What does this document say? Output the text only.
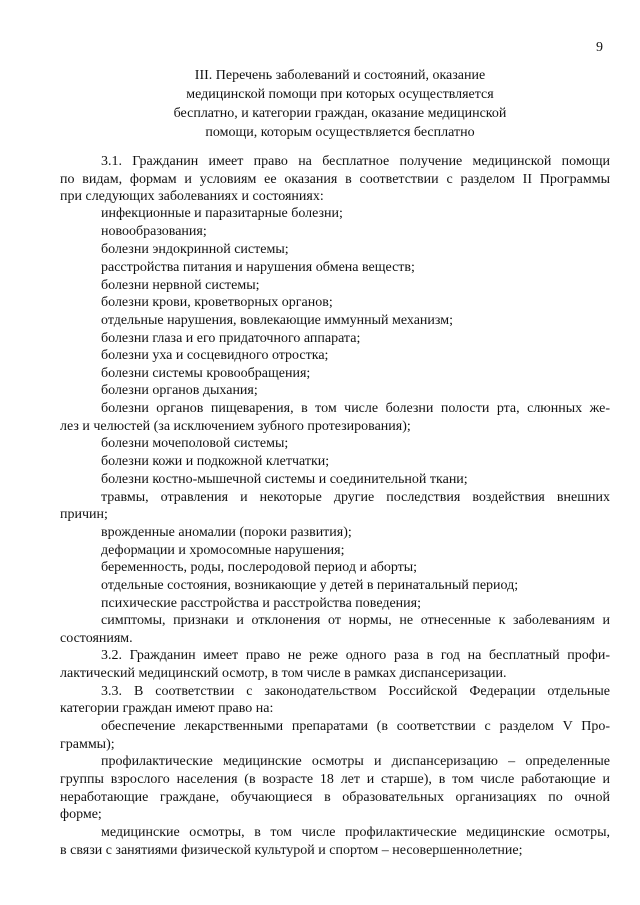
9
III. Перечень заболеваний и состояний, оказание
медицинской помощи при которых осуществляется
бесплатно, и категории граждан, оказание медицинской
помощи, которым осуществляется бесплатно
3.1. Гражданин имеет право на бесплатное получение медицинской помощи
по видам, формам и условиям ее оказания в соответствии с разделом II Программы
при следующих заболеваниях и состояниях:
инфекционные и паразитарные болезни;
новообразования;
болезни эндокринной системы;
расстройства питания и нарушения обмена веществ;
болезни нервной системы;
болезни крови, кроветворных органов;
отдельные нарушения, вовлекающие иммунный механизм;
болезни глаза и его придаточного аппарата;
болезни уха и сосцевидного отростка;
болезни системы кровообращения;
болезни органов дыхания;
болезни органов пищеварения, в том числе болезни полости рта, слюнных же-
лез и челюстей (за исключением зубного протезирования);
болезни мочеполовой системы;
болезни кожи и подкожной клетчатки;
болезни костно-мышечной системы и соединительной ткани;
травмы, отравления и некоторые другие последствия воздействия внешних
причин;
врожденные аномалии (пороки развития);
деформации и хромосомные нарушения;
беременность, роды, послеродовой период и аборты;
отдельные состояния, возникающие у детей в перинатальный период;
психические расстройства и расстройства поведения;
симптомы, признаки и отклонения от нормы, не отнесенные к заболеваниям и
состояниям.
3.2. Гражданин имеет право не реже одного раза в год на бесплатный профи-
лактический медицинский осмотр, в том числе в рамках диспансеризации.
3.3. В соответствии с законодательством Российской Федерации отдельные
категории граждан имеют право на:
обеспечение лекарственными препаратами (в соответствии с разделом V Про-
граммы);
профилактические медицинские осмотры и диспансеризацию – определенные
группы взрослого населения (в возрасте 18 лет и старше), в том числе работающие и
неработающие граждане, обучающиеся в образовательных организациях по очной
форме;
медицинские осмотры, в том числе профилактические медицинские осмотры,
в связи с занятиями физической культурой и спортом – несовершеннолетние;
